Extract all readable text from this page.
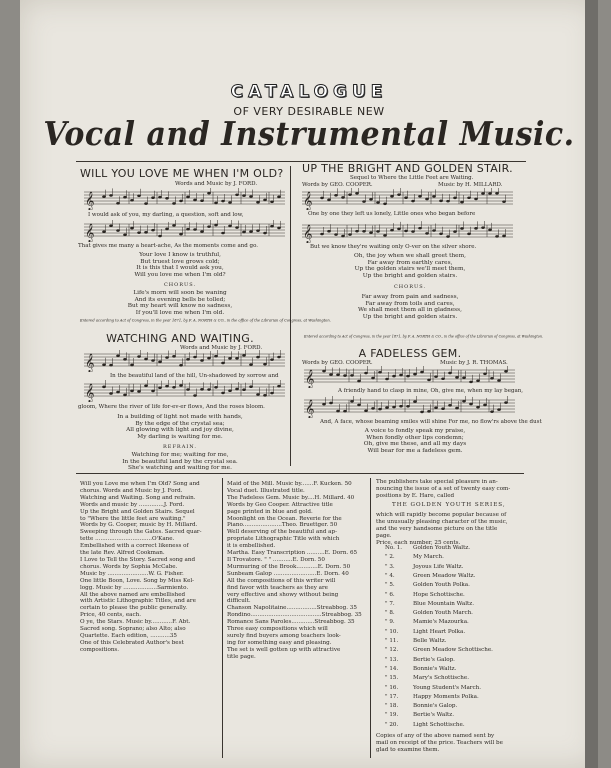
CATALOGUE
OF VERY DESIRABLE NEW
Vocal and Instrumental Music.
WILL YOU LOVE ME WHEN I'M OLD?
Words and Music by J. FORD.
𝄞
I would ask of you, my darling, a question, soft and low,
𝄞
That gives me many a heart-ache, As the moments come and go.
Your love I know is truthful,
But truest love grows cold;
It is this that I would ask you,
Will you love me when I'm old?
CHORUS.
Life's morn will soon be waning
And its evening bells be tolled;
But my heart will know no sadness,
If you'll love me when I'm old.
Entered according to Act of Congress, in the year 1871, by F. A. NORTH & CO., in the office of the Librarian of Congress, at Washington.
WATCHING AND WAITING.
Words and Music by J. FORD.
𝄞
In the beautiful land of the hill, Un-shadowed by sorrow and
𝄞
gloom, Where the river of life for-ev-er flows, And the roses bloom.
In a building of light not made with hands,
By the edge of the crystal sea;
All glowing with light and joy divine,
My darling is waiting for me.
REFRAIN.
Watching for me; waiting for me,
In the beautiful land by the crystal sea.
She's watching and waiting for me.
UP THE BRIGHT AND GOLDEN STAIR.
Sequel to Where the Little Feet are Waiting.
Words by GEO. COOPER.	Music by H. MILLARD.
𝄞
One by one they left us lonely, Little ones who began before
𝄞
But we know they're waiting only O-ver on the silver shore.
Oh, the joy when we shall greet them,
Far away from earthly cares,
Up the golden stairs we'll meet them,
Up the bright and golden stairs.
CHORUS.
Far away from pain and sadness,
Far away from toils and cares,
We shall meet them all in gladness,
Up the bright and golden stairs.
Entered according to Act of Congress, in the year 1871, by F. A. NORTH & CO., in the office of the Librarian of Congress, at Washington.
A FADELESS GEM.
Words by GEO. COOPER.	Music by J. R. THOMAS.
𝄞
A friendly hand to clasp in mine, Oh, give me, when my lay began,
𝄞
And, A face, whose beaming smiles will shine For me, no flow'rs above the dust
A voice to fondly speak my praise,
When fondly other lips condemn;
Oh, give me these, and all my days
Will bear for me a fadeless gem.
Will you Love me when I'm Old? Song and
chorus. Words and Music by J. Ford.
Watching and Waiting. Song and refrain.
Words and music by ..............J. Ford.
Up the Bright and Golden Stairs. Sequel
to "Where the little feet are waiting."
Words by G. Cooper, music by H. Millard.
Sweeping through the Gates. Sacred quar-
tette ................................O'Kane.
Embellished with a correct likeness of
the late Rev. Alfred Cookman.
I Love to Tell the Story. Sacred song and
chorus. Words by Sophia McCabe.
Music by .......................W. G. Fisher.
One little Boon, Love. Song by Miss Kel-
logg. Music by ...................Sarmiento.
All the above named are embellished
with Artistic Lithographic Titles, and are
certain to please the public generally.
Price, 40 cents, each.
O ye, the Stars. Music by............F. Abt.
Sacred song. Soprano; also Alto; also
Quartette. Each edition, ...........35
One of this Celebrated Author's best
compositions.
Maid of the Mill. Music by.......F. Kucken. 50
Vocal duet. Illustrated title.
The Fadeless Gem. Music by....H. Millard. 40
Words by Geo Cooper. Attractive title
page printed in blue and gold.
Moonlight on the Ocean. Reverie for the
Piano......................Theo. Bruettger. 50
Well deserving of the beautiful and ap-
propriate Lithographic Title with which
it is embellished.
Martha. Easy Transcription ..........E. Dorn. 65
Il Trovatore. " " ...........E. Dorn. 50
Murmuring of the Brook............E. Dorn. 50
Sunbeam Galop ........................E. Dorn. 40
All the compositions of this writer will
find favor with teachers as they are
very effective and showy without being
difficult.
Chanson Napolitaine.................Streabbog. 35
Rondino........................................Streabbog. 35
Romance Sans Paroles.............Streabbog. 35
Three easy compositions which will
surely find buyers among teachers look-
ing for something easy and pleasing.
The set is well gotten up with attractive
title page.
The publishers take special pleasure in an-
nouncing the issue of a set of twenty easy com-
positions by E. Hare, called
THE GOLDEN YOUTH SERIES,
which will rapidly become popular because of
the unusually pleasing character of the music,
and the very handsome picture on the title
page.
Price, each number, 25 cents.
No. 1. Golden Youth Waltz.
" 2.	My March.
" 3.	Joyous Life Waltz.
" 4.	Green Meadow Waltz.
" 5.	Golden Youth Polka.
" 6.	Hope Schottische.
" 7.	Blue Mountain Waltz.
" 8.	Golden Youth March.
" 9.	Mamie's Mazourka.
" 10.	Light Heart Polka.
" 11.	Belle Waltz.
" 12.	Green Meadow Schottische.
" 13.	Bertie's Galop.
" 14.	Bonnie's Waltz.
" 15.	Mary's Schottische.
" 16.	Young Student's March.
" 17.	Happy Moments Polka.
" 18.	Bonnie's Galop.
" 19.	Bertie's Waltz.
" 20.	Light Schottische.
Copies of any of the above named sent by
mail on receipt of the price. Teachers will be
glad to examine them.
